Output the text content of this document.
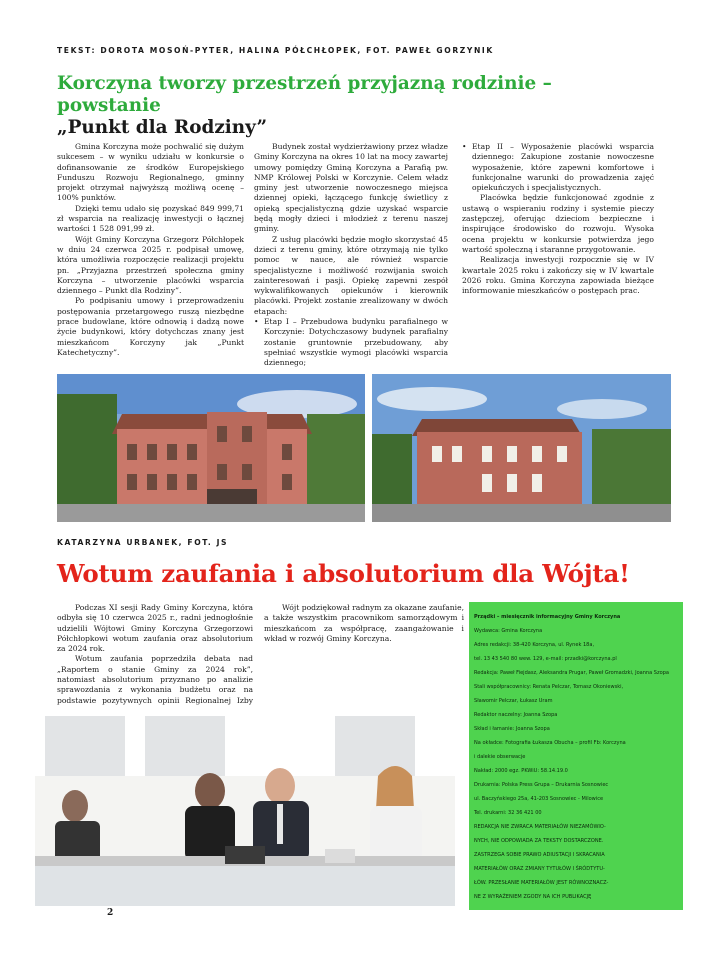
TEKST: DOROTA MOSOŃ-PYTER, HALINA PÓŁCHŁOPEK, FOT. PAWEŁ GORZYNIK
Korczyna tworzy przestrzeń przyjazną rodzinie – powstanie
„Punkt dla Rodziny”

Gmina Korczyna może pochwalić się dużym sukcesem – w wyniku udziału w konkursie o dofinansowanie ze środków Europejskiego Funduszu Rozwoju Regionalnego, gminny projekt otrzymał najwyższą możliwą ocenę – 100% punktów.

Dzięki temu udało się pozyskać 849 999,71 zł wsparcia na realizację inwestycji o łącznej wartości 1 528 091,99 zł.

Wójt Gminy Korczyna Grzegorz Półchłopek w dniu 24 czerwca 2025 r. podpisał umowę, która umożliwia rozpoczęcie realizacji projektu pn. „Przyjazna przestrzeń społeczna gminy Korczyna – utworzenie placówki wsparcia dziennego – Punkt dla Rodziny”.

Po podpisaniu umowy i przeprowadzeniu postępowania przetargowego ruszą niezbędne prace budowlane, które odnowią i dadzą nowe życie budynkowi, który dotychczas znany jest mieszkańcom Korczyny jak „Punkt Katechetyczny”.

Budynek został wydzierżawiony przez władze Gminy Korczyna na okres 10 lat na mocy zawartej umowy pomiędzy Gminą Korczyna a Parafią pw. NMP Królowej Polski w Korczynie. Celem władz gminy jest utworzenie nowoczesnego miejsca dziennej opieki, łączącego funkcję świetlicy z opieką specjalistyczną gdzie uzyskać wsparcie będą mogły dzieci i młodzież z terenu naszej gminy.

Z usług placówki będzie mogło skorzystać 45 dzieci z terenu gminy, które otrzymają nie tylko pomoc w nauce, ale również wsparcie specjalistyczne i możliwość rozwijania swoich zainteresowań i pasji. Opiekę zapewni zespół wykwalifikowanych opiekunów i kierownik placówki. Projekt zostanie zrealizowany w dwóch etapach:

• Etap I – Przebudowa budynku parafialnego w Korczynie: Dotychczasowy budynek parafialny zostanie gruntownie przebudowany, aby spełniać wszystkie wymogi placówki wsparcia dziennego;

• Etap II – Wyposażenie placówki wsparcia dziennego: Zakupione zostanie nowoczesne wyposażenie, które zapewni komfortowe i funkcjonalne warunki do prowadzenia zajęć opiekuńczych i specjalistycznych.

Placówka będzie funkcjonować zgodnie z ustawą o wspieraniu rodziny i systemie pieczy zastępczej, oferując dzieciom bezpieczne i inspirujące środowisko do rozwoju. Wysoka ocena projektu w konkursie potwierdza jego wartość społeczną i staranne przygotowanie.

Realizacja inwestycji rozpocznie się w IV kwartale 2025 roku i zakończy się w IV kwartale 2026 roku. Gmina Korczyna zapowiada bieżące informowanie mieszkańców o postępach prac.

KATARZYNA URBANEK, FOT. JS
Wotum zaufania i absolutorium dla Wójta!

Podczas XI sesji Rady Gminy Korczyna, która odbyła się 10 czerwca 2025 r., radni jednogłośnie udzielili Wójtowi Gminy Korczyna Grzegorzowi Półchłopkowi wotum zaufania oraz absolutorium za 2024 rok.

Wotum zaufania poprzedziła debata nad „Raportem o stanie Gminy za 2024 rok”, natomiast absolutorium przyznano po analizie sprawozdania z wykonania budżetu oraz na podstawie pozytywnych opinii Regionalnej Izby

Wójt podziękował radnym za okazane zaufanie, a także wszystkim pracownikom samorządowym i mieszkańcom za współpracę, zaangażowanie i wkład w rozwój Gminy Korczyna.

Prządki – miesięcznik informacyjny Gminy Korczyna
Wydawca: Gmina Korczyna
Adres redakcji: 38-420 Korczyna, ul. Rynek 18a,
tel. 13 43 540 80 wew. 129, e-mail: przadki@korczyna.pl
Redakcja: Paweł Fiejdasz, Aleksandra Prugar, Paweł Gromadzki, Joanna Szopa
Stali współpracownicy: Renata Pelczar, Tomasz Okoniewski,
Sławomir Pelczar, Łukasz Uram
Redaktor naczelny: Joanna Szopa
Skład i łamanie: Joanna Szopa
Na okładce: Fotografia Łukasza Obucha – profil Fb: Korczyna
i dalekie obserwacje
Nakład: 2000 egz. PKWiU: 58.14.19.0
Drukarnia: Polska Press Grupa – Drukarnia Sosnowiec
ul. Baczyńskiego 25a, 41-203 Sosnowiec - Milowice
Tel. drukarni: 32 36 421 00
REDAKCJA NIE ZWRACA MATERIAŁÓW NIEZAMÓWIO-
NYCH, NIE ODPOWIADA ZA TEKSTY DOSTARCZONE.
ZASTRZEGA SOBIE PRAWO ADIUSTACJI I SKRACANIA
MATERIAŁÓW ORAZ ZMIANY TYTUŁÓW I ŚRÓDTYTU-
ŁÓW. PRZESŁANIE MATERIAŁÓW JEST RÓWNOZNACZ-
NE Z WYRAŻENIEM ZGODY NA ICH PUBLIKACJĘ
2
